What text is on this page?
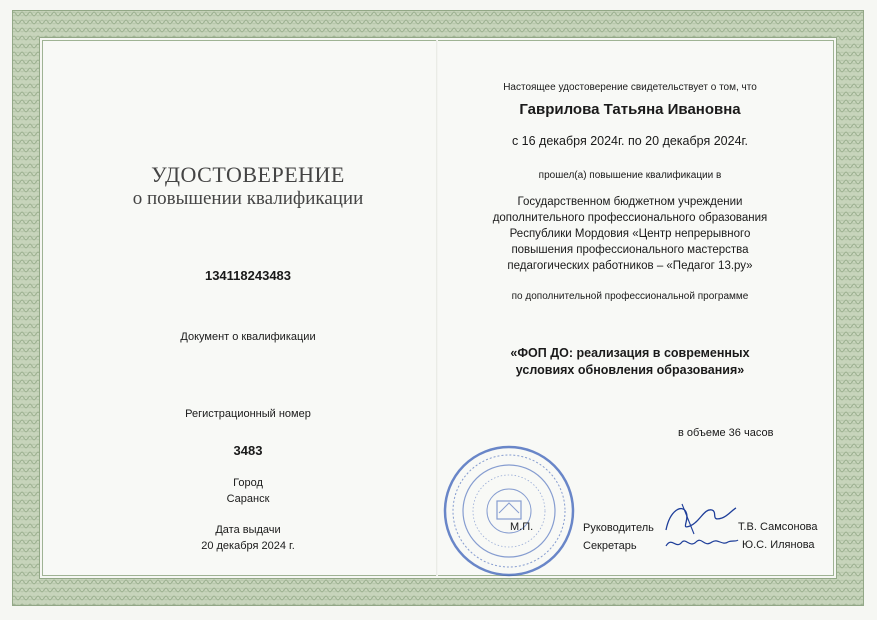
УДОСТОВЕРЕНИЕ
о повышении квалификации
134118243483
Документ о квалификации
Регистрационный номер
3483
Город
Саранск
Дата выдачи
20 декабря 2024 г.
Настоящее удостоверение свидетельствует о том, что
Гаврилова Татьяна Ивановна
с 16 декабря 2024г. по 20 декабря 2024г.
прошел(а) повышение квалификации в
Государственном бюджетном учреждении
дополнительного профессионального образования
Республики Мордовия «Центр непрерывного
повышения профессионального мастерства
педагогических работников – «Педагог 13.ру»
по дополнительной профессиональной программе
«ФОП ДО: реализация в современных
условиях обновления образования»
в объеме 36 часов
М.П.	Руководитель
Секретарь
Т.В. Самсонова
Ю.С. Илянова
